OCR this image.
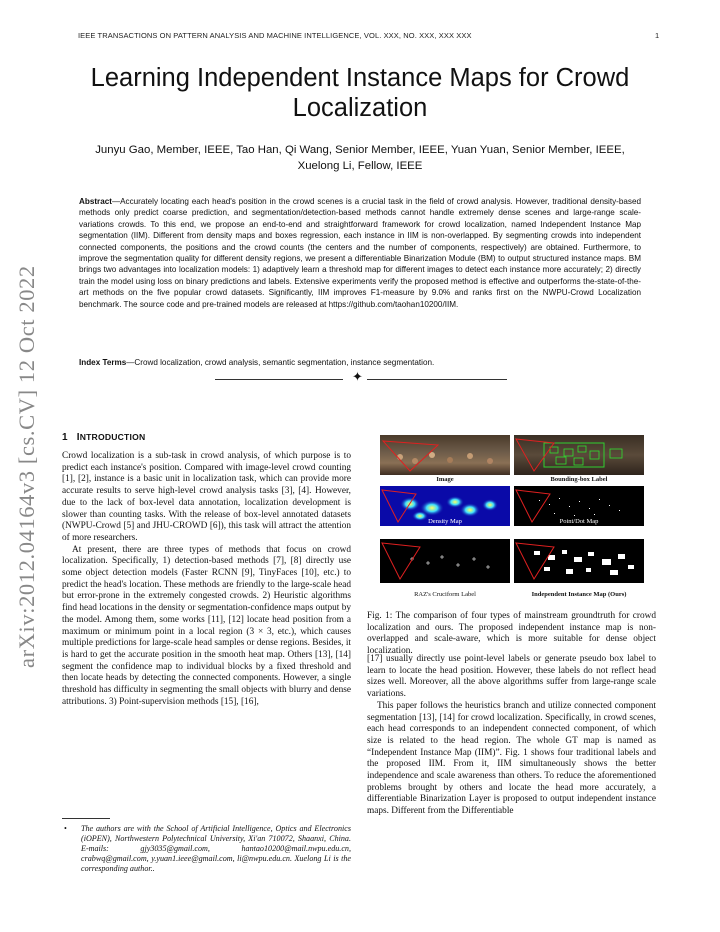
IEEE TRANSACTIONS ON PATTERN ANALYSIS AND MACHINE INTELLIGENCE, VOL. XXX, NO. XXX, XXX XXX	1
arXiv:2012.04164v3 [cs.CV] 12 Oct 2022
Learning Independent Instance Maps for Crowd Localization
Junyu Gao, Member, IEEE, Tao Han, Qi Wang, Senior Member, IEEE, Yuan Yuan, Senior Member, IEEE,
Xuelong Li, Fellow, IEEE
Abstract—Accurately locating each head's position in the crowd scenes is a crucial task in the field of crowd analysis. However, traditional density-based methods only predict coarse prediction, and segmentation/detection-based methods cannot handle extremely dense scenes and large-range scale-variations crowds. To this end, we propose an end-to-end and straightforward framework for crowd localization, named Independent Instance Map segmentation (IIM). Different from density maps and boxes regression, each instance in IIM is non-overlapped. By segmenting crowds into independent connected components, the positions and the crowd counts (the centers and the number of components, respectively) are obtained. Furthermore, to improve the segmentation quality for different density regions, we present a differentiable Binarization Module (BM) to output structured instance maps. BM brings two advantages into localization models: 1) adaptively learn a threshold map for different images to detect each instance more accurately; 2) directly train the model using loss on binary predictions and labels. Extensive experiments verify the proposed method is effective and outperforms the-state-of-the-art methods on the five popular crowd datasets. Significantly, IIM improves F1-measure by 9.0% and ranks first on the NWPU-Crowd Localization benchmark. The source code and pre-trained models are released at https://github.com/taohan10200/IIM.
Index Terms—Crowd localization, crowd analysis, semantic segmentation, instance segmentation.
✦
1 INTRODUCTION

Crowd localization is a sub-task in crowd analysis, of which purpose is to predict each instance's position. Compared with image-level crowd counting [1], [2], instance is a basic unit in localization task, which can provide more accurate results to serve high-level crowd analysis tasks [3], [4]. However, due to the lack of box-level data annotation, localization development is slower than counting tasks. With the release of box-level annotated datasets (NWPU-Crowd [5] and JHU-CROWD [6]), this task will attract the attention of more researchers.

At present, there are three types of methods that focus on crowd localization. Specifically, 1) detection-based methods [7], [8] directly use some object detection models (Faster RCNN [9], TinyFaces [10], etc.) to predict the head's location. These methods are friendly to the large-scale head but error-prone in the extremely congested crowds. 2) Heuristic algorithms find head locations in the density or segmentation-confidence maps output by the model. Among them, some works [11], [12] locate head position from a maximum or minimum point in a local region (3 × 3, etc.), which causes multiple predictions for large-scale head samples or dense regions. Besides, it is hard to get the accurate position in the smooth heat map. Others [13], [14] segment the confidence map to individual blocks by a fixed threshold and then locate heads by detecting the connected components. However, a single threshold has difficulty in segmenting the small objects with blurry and dense attributions. 3) Point-supervision methods [15], [16],

• The authors are with the School of Artificial Intelligence, Optics and Electronics (iOPEN), Northwestern Polytechnical University, Xi'an 710072, Shaanxi, China. E-mails: gjy3035@gmail.com, hantao10200@mail.nwpu.edu.cn, crabwq@gmail.com, y.yuan1.ieee@gmail.com, li@nwpu.edu.cn. Xuelong Li is the corresponding author..
Image	Bounding-box Label
Density Map	Point/Dot Map
RAZ's Cruciform Label	Independent Instance Map (Ours)
Fig. 1: The comparison of four types of mainstream groundtruth for crowd localization and ours. The proposed independent instance map is non-overlapped and scale-aware, which is more suitable for dense object localization.

[17] usually directly use point-level labels or generate pseudo box label to learn to locate the head position. However, these labels do not reflect head sizes well. Moreover, all the above algorithms suffer from large-range scale variations.

This paper follows the heuristics branch and utilize connected component segmentation [13], [14] for crowd localization. Specifically, in crowd scenes, each head corresponds to an independent connected component, of which size is related to the head region. The whole GT map is named as “Independent Instance Map (IIM)”. Fig. 1 shows four traditional labels and the proposed IIM. From it, IIM simultaneously shows the better independence and scale awareness than others. To reduce the aforementioned problems brought by others and locate the head more accurately, a differentiable Binarization Layer is proposed to output independent instance maps. Different from the Differentiable
